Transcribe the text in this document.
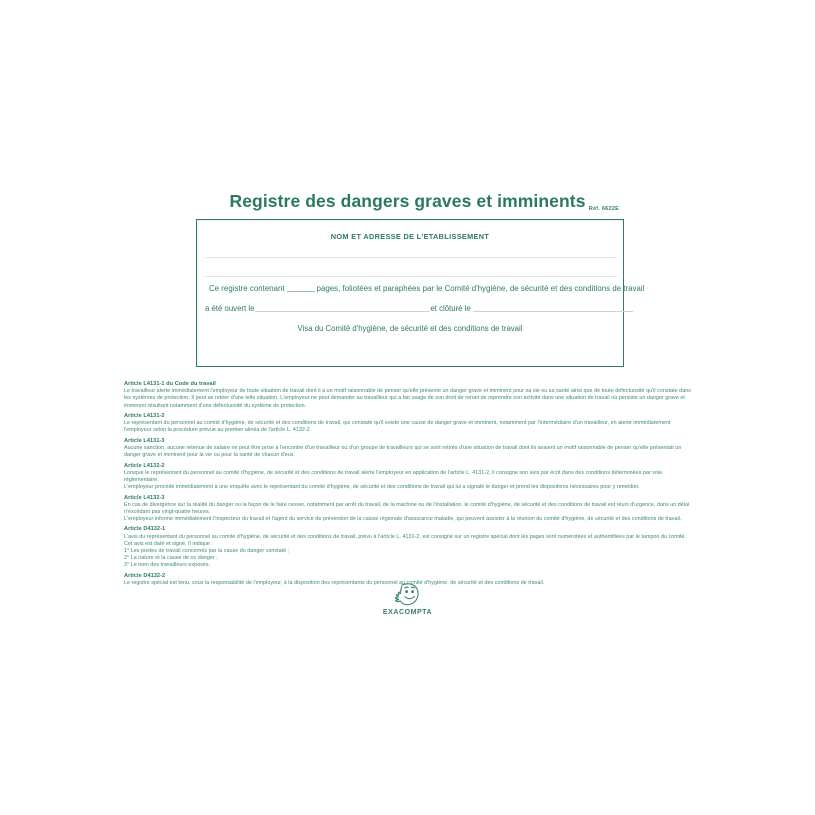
Registre des dangers graves et imminents Réf. 6622E
NOM ET ADRESSE DE L'ETABLISSEMENT
Ce registre contenant	pages, foliotées et paraphées par le Comité d'hygiène, de sécurité et des conditions de travail
a été ouvert le	et clôturé le
Visa du Comité d'hygiène, de sécurité et des conditions de travail
Article L4131-1 du Code du travail

Le travailleur alerte immédiatement l'employeur de toute situation de travail dont il a un motif raisonnable de penser qu'elle présente un danger grave et imminent pour sa vie ou sa santé ainsi que de toute défectuosité qu'il constate dans les systèmes de protection. Il peut se retirer d'une telle situation. L'employeur ne peut demander au travailleur qui a fait usage de son droit de retrait de reprendre son activité dans une situation de travail où persiste un danger grave et imminent résultant notamment d'une défectuosité du système de protection.

Article L4131-2

Le représentant du personnel au comité d'hygiène, de sécurité et des conditions de travail, qui constate qu'il existe une cause de danger grave et imminent, notamment par l'intermédiaire d'un travailleur, en alerte immédiatement l'employeur selon la procédure prévue au premier alinéa de l'article L. 4132-2.

Article L4131-3

Aucune sanction, aucune retenue de salaire ne peut être prise à l'encontre d'un travailleur ou d'un groupe de travailleurs qui se sont retirés d'une situation de travail dont ils avaient un motif raisonnable de penser qu'elle présentait un danger grave et imminent pour la vie ou pour la santé de chacun d'eux.

Article L4132-2

Lorsque le représentant du personnel au comité d'hygiène, de sécurité et des conditions de travail alerte l'employeur en application de l'article L. 4131-2, il consigne son avis par écrit dans des conditions déterminées par voie réglementaire.

L'employeur procède immédiatement à une enquête avec le représentant du comité d'hygiène, de sécurité et des conditions de travail qui lui a signalé le danger et prend les dispositions nécessaires pour y remédier.

Article L4132-3

En cas de divergence sur la réalité du danger ou la façon de le faire cesser, notamment par arrêt du travail, de la machine ou de l'installation, le comité d'hygiène, de sécurité et des conditions de travail est réuni d'urgence, dans un délai n'excédant pas vingt-quatre heures.

L'employeur informe immédiatement l'inspecteur du travail et l'agent du service de prévention de la caisse régionale d'assurance maladie, qui peuvent assister à la réunion du comité d'hygiène, de sécurité et des conditions de travail.

Article D4132-1

L'avis du représentant du personnel au comité d'hygiène, de sécurité et des conditions de travail, prévu à l'article L. 4131-2, est consigné sur un registre spécial dont les pages sont numérotées et authentifiées par le tampon du comité. Cet avis est daté et signé. Il indique :

1° Les postes de travail concernés par la cause du danger constaté ;

2° La nature et la cause de ce danger ;

3° Le nom des travailleurs exposés.

Article D4132-2

Le registre spécial est tenu, sous la responsabilité de l'employeur, à la disposition des représentants du personnel au comité d'hygiène, de sécurité et des conditions de travail.

EXACOMPTA
